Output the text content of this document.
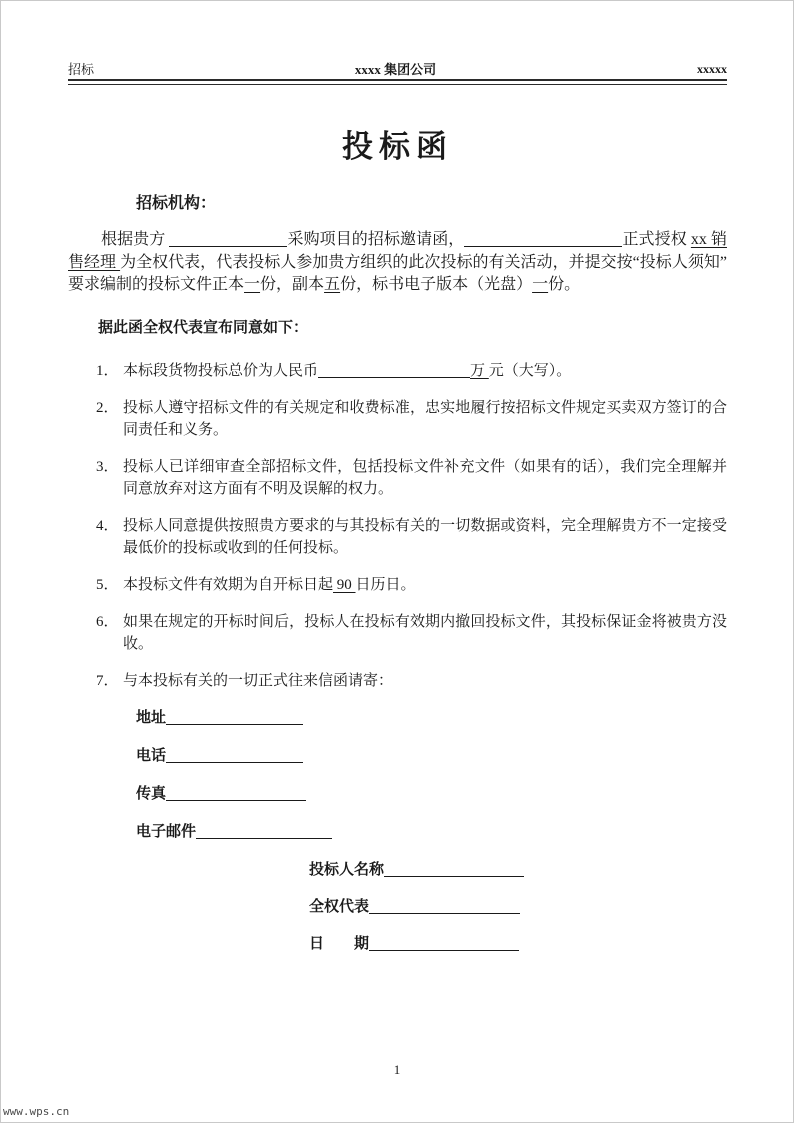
招标	xxxx 集团公司	xxxxx
投标函

招标机构：

根据贵方	采购项目的招标邀请函，	正式授权 xx 销售经理 为全权代表，代表投标人参加贵方组织的此次投标的有关活动，并提交按“投标人须知”要求编制的投标文件正本一份，副本五份，标书电子版本（光盘）一份。

据此函全权代表宣布同意如下：

1． 本标段货物投标总价为人民币	万 元（大写）。
2． 投标人遵守招标文件的有关规定和收费标准，忠实地履行按招标文件规定买卖双方签订的合同责任和义务。
3． 投标人已详细审查全部招标文件，包括投标文件补充文件（如果有的话），我们完全理解并同意放弃对这方面有不明及误解的权力。
4． 投标人同意提供按照贵方要求的与其投标有关的一切数据或资料，完全理解贵方不一定接受最低价的投标或收到的任何投标。
5． 本投标文件有效期为自开标日起 90 日历日。
6． 如果在规定的开标时间后，投标人在投标有效期内撤回投标文件，其投标保证金将被贵方没收。
7． 与本投标有关的一切正式往来信函请寄：
地址
电话
传真
电子邮件
投标人名称
全权代表
日　　期
1
www.wps.cn
